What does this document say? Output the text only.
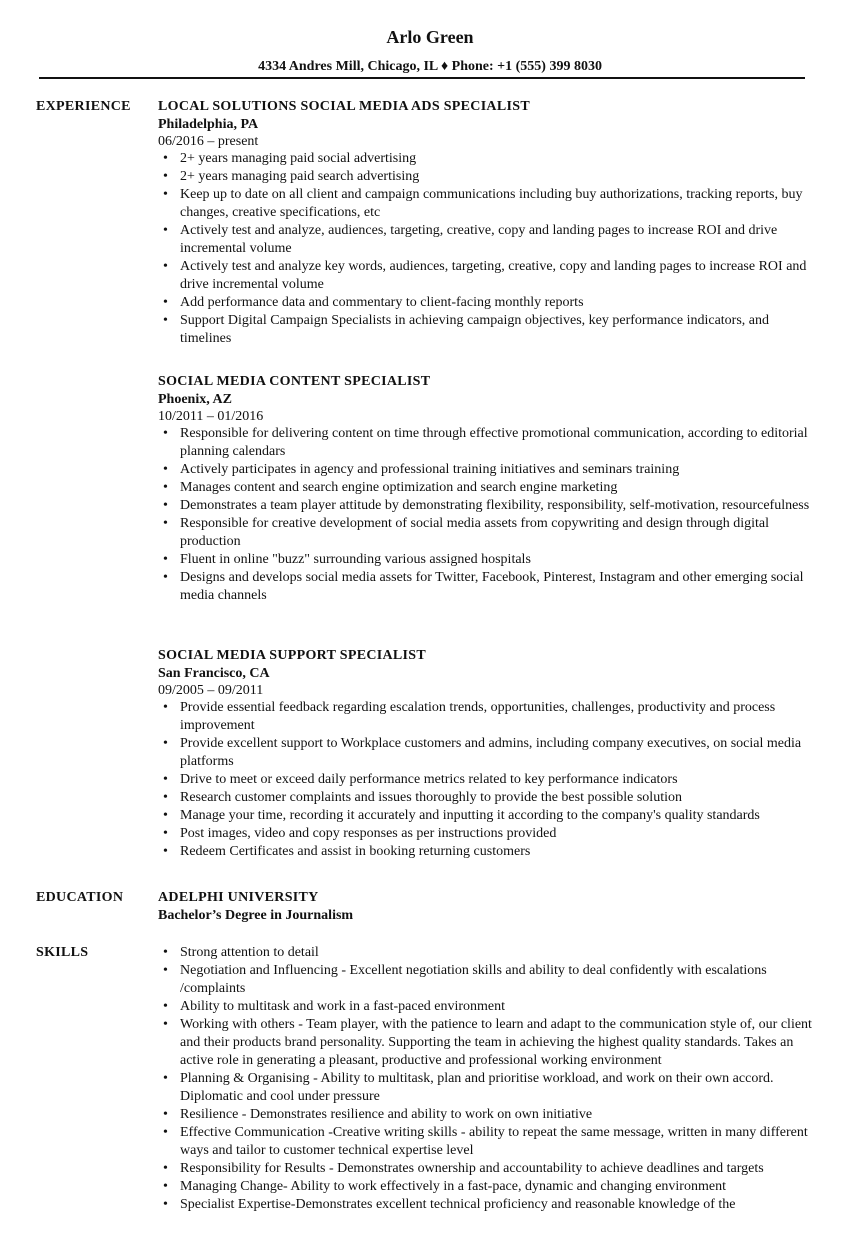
Arlo Green
4334 Andres Mill, Chicago, IL ♦ Phone: +1 (555) 399 8030
EXPERIENCE LOCAL SOLUTIONS SOCIAL MEDIA ADS SPECIALIST
Philadelphia, PA
06/2016 – present
• 2+ years managing paid social advertising
• 2+ years managing paid search advertising
• Keep up to date on all client and campaign communications including buy authorizations, tracking reports, buy changes, creative specifications, etc
• Actively test and analyze, audiences, targeting, creative, copy and landing pages to increase ROI and drive incremental volume
• Actively test and analyze key words, audiences, targeting, creative, copy and landing pages to increase ROI and drive incremental volume
• Add performance data and commentary to client-facing monthly reports
• Support Digital Campaign Specialists in achieving campaign objectives, key performance indicators, and timelines
SOCIAL MEDIA CONTENT SPECIALIST
Phoenix, AZ
10/2011 – 01/2016
• Responsible for delivering content on time through effective promotional communication, according to editorial planning calendars
• Actively participates in agency and professional training initiatives and seminars training
• Manages content and search engine optimization and search engine marketing
• Demonstrates a team player attitude by demonstrating flexibility, responsibility, self-motivation, resourcefulness
• Responsible for creative development of social media assets from copywriting and design through digital production
• Fluent in online "buzz" surrounding various assigned hospitals
• Designs and develops social media assets for Twitter, Facebook, Pinterest, Instagram and other emerging social media channels
SOCIAL MEDIA SUPPORT SPECIALIST
San Francisco, CA
09/2005 – 09/2011
• Provide essential feedback regarding escalation trends, opportunities, challenges, productivity and process improvement
• Provide excellent support to Workplace customers and admins, including company executives, on social media platforms
• Drive to meet or exceed daily performance metrics related to key performance indicators
• Research customer complaints and issues thoroughly to provide the best possible solution
• Manage your time, recording it accurately and inputting it according to the company's quality standards
• Post images, video and copy responses as per instructions provided
• Redeem Certificates and assist in booking returning customers
EDUCATION ADELPHI UNIVERSITY
Bachelor’s Degree in Journalism
SKILLS
•	Strong attention to detail
• Negotiation and Influencing - Excellent negotiation skills and ability to deal confidently with escalations /complaints
• Ability to multitask and work in a fast-paced environment
• Working with others - Team player, with the patience to learn and adapt to the communication style of, our client and their products brand personality. Supporting the team in achieving the highest quality standards. Takes an active role in generating a pleasant, productive and professional working environment
• Planning & Organising - Ability to multitask, plan and prioritise workload, and work on their own accord. Diplomatic and cool under pressure
• Resilience - Demonstrates resilience and ability to work on own initiative
• Effective Communication -Creative writing skills - ability to repeat the same message, written in many different ways and tailor to customer technical expertise level
• Responsibility for Results - Demonstrates ownership and accountability to achieve deadlines and targets
• Managing Change- Ability to work effectively in a fast-pace, dynamic and changing environment
• Specialist Expertise-Demonstrates excellent technical proficiency and reasonable knowledge of the
